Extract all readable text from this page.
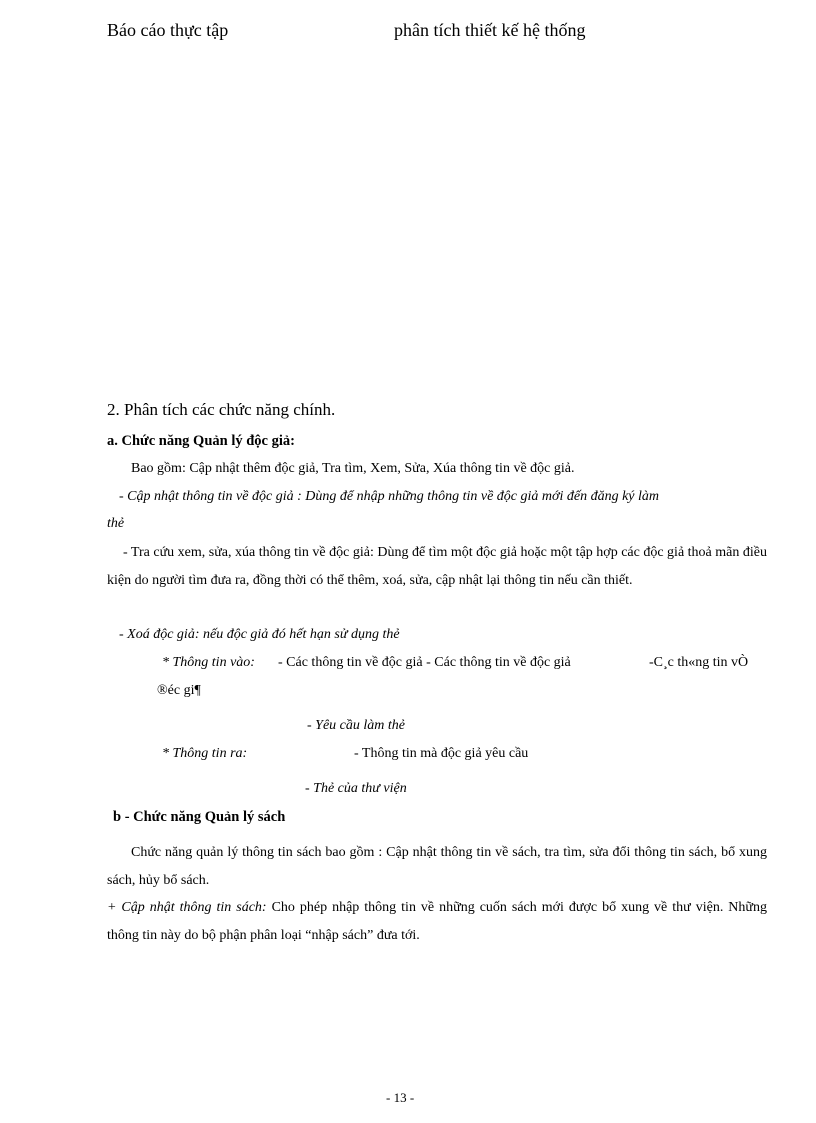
Báo cáo thực tập	phân tích thiết kế hệ thống
2. Phân tích các chức năng chính.
a. Chức năng Quản lý độc giả:
Bao gồm: Cập nhật thêm độc giả, Tra tìm, Xem, Sửa, Xúa thông tin về độc giả.
- Cập nhật thông tin về độc giả : Dùng để nhập những thông tin về độc giả mới đến đăng ký làm
thẻ
- Tra cứu xem, sửa, xúa thông tin về độc giả: Dùng để tìm một độc giả hoặc một tập hợp các độc giả thoả mãn điều kiện do người tìm đưa ra, đồng thời có thể thêm, xoá, sửa, cập nhật lại thông tin nếu cần thiết.
- Xoá độc giả: nếu độc giả đó hết hạn sử dụng thẻ
* Thông tin vào: - Các thông tin về độc giả - Các thông tin về độc giả	-C¸c th«ng tin vÒ
®éc gi¶
- Yêu cầu làm thẻ
* Thông tin ra:	- Thông tin mà độc giả yêu cầu
- Thẻ của thư viện
b - Chức năng Quản lý sách
Chức năng quản lý thông tin sách bao gồm : Cập nhật thông tin về sách, tra tìm, sửa đổi thông tin sách, bổ xung sách, hủy bổ sách.
+ Cập nhật thông tin sách: Cho phép nhập thông tin về những cuốn sách mới được bổ xung về thư viện. Những thông tin này do bộ phận phân loại “nhập sách” đưa tới.
- 13 -
